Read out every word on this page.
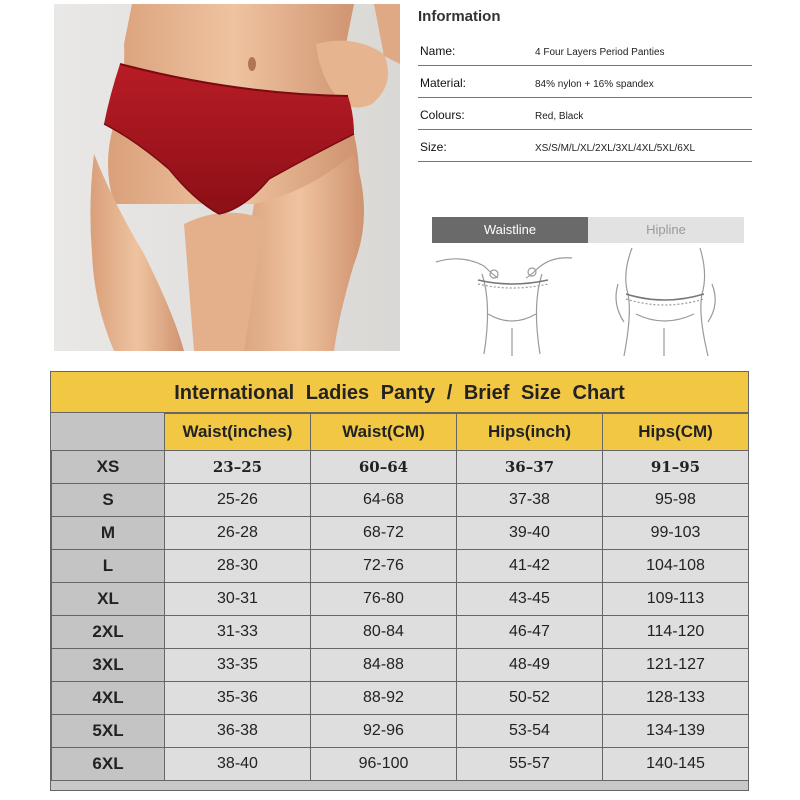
Information
Name:	4 Four Layers Period Panties
Material:	84% nylon + 16% spandex
Colours:	Red, Black
Size:	XS/S/M/L/XL/2XL/3XL/4XL/5XL/6XL
Waistline	Hipline
International Ladies Panty / Brief Size Chart
	Waist(inches)	Waist(CM)	Hips(inch)	Hips(CM)
XS	23–25	60–64	36–37	91–95
S	25-26	64-68	37-38	95-98
M	26-28	68-72	39-40	99-103
L	28-30	72-76	41-42	104-108
XL	30-31	76-80	43-45	109-113
2XL	31-33	80-84	46-47	114-120
3XL	33-35	84-88	48-49	121-127
4XL	35-36	88-92	50-52	128-133
5XL	36-38	92-96	53-54	134-139
6XL	38-40	96-100	55-57	140-145
